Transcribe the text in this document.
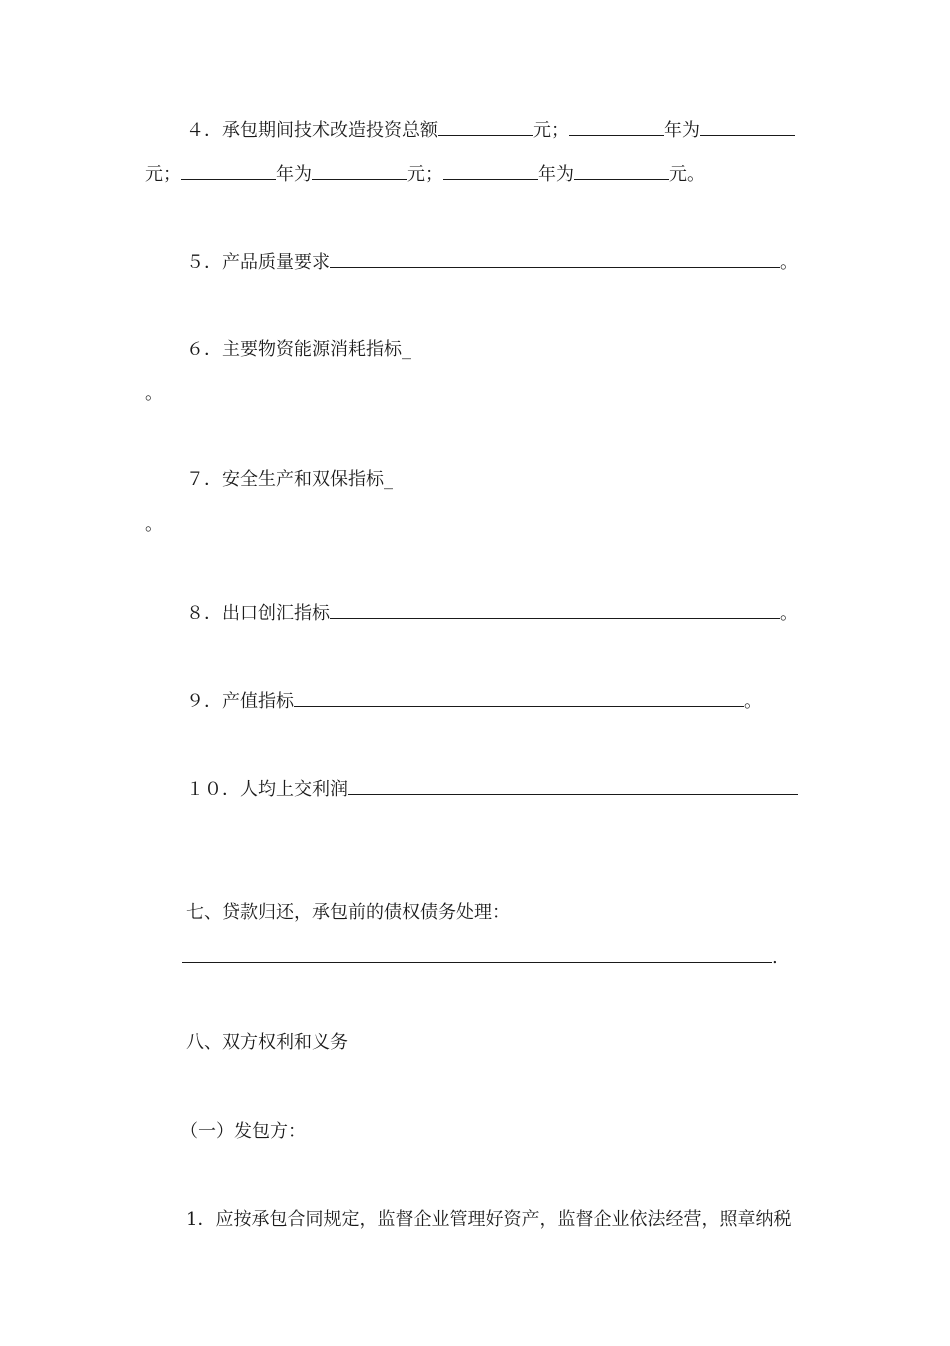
４．承包期间技术改造投资总额	元；	年为
元；	年为	元；	年为	元。
５．产品质量要求	。
６．主要物资能源消耗指标_
。
７．安全生产和双保指标_
。
８．出口创汇指标	。
９．产值指标	。
１０．人均上交利润
七、贷款归还，承包前的债权债务处理：
.
八、双方权利和义务
（一）发包方：
1．应按承包合同规定，监督企业管理好资产，监督企业依法经营，照章纳税
